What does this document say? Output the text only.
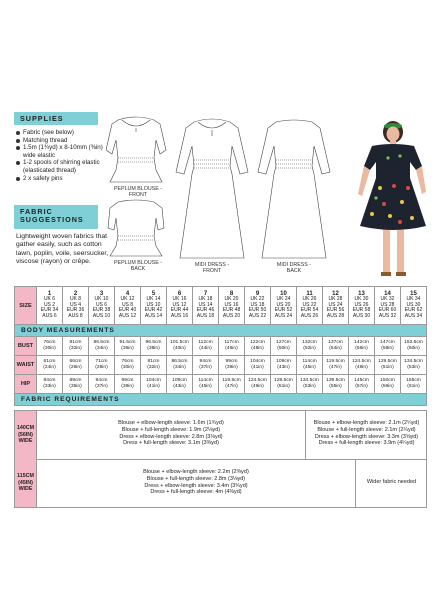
SUPPLIES
Fabric (see below)
Matching thread
1.5m (1¾yd) x 8-10mm (⅜in) wide elastic
1-2 spools of shirring elastic (elasticated thread)
2 x safety pins
FABRIC SUGGESTIONS
Lightweight woven fabrics that gather easily, such as cotton lawn, poplin, voile, seersucker, viscose (rayon) or crêpe.
PEPLUM BLOUSE - FRONT
PEPLUM BLOUSE - BACK
MIDI DRESS - FRONT
MIDI DRESS - BACK
SIZE	1
UK 6
US 2
EUR 34
AUS 6	2
UK 8
US 4
EUR 36
AUS 8	3
UK 10
US 6
EUR 38
AUS 10	4
UK 12
US 8
EUR 40
AUS 12	5
UK 14
US 10
EUR 42
AUS 14	6
UK 16
US 12
EUR 44
AUS 16	7
UK 18
US 14
EUR 46
AUS 18	8
UK 20
US 16
EUR 48
AUS 20	9
UK 22
US 18
EUR 50
AUS 22	10
UK 24
US 20
EUR 52
AUS 24	11
UK 26
US 22
EUR 54
AUS 26	12
UK 28
US 24
EUR 56
AUS 28	13
UK 30
US 26
EUR 58
AUS 30	14
UK 32
US 28
EUR 60
AUS 32	15
UK 34
US 30
EUR 62
AUS 34
BODY MEASUREMENTS															
BUST	76cm
(30in)	81cm
(32in)	86.5cm
(34in)	91.5cm
(36in)	96.5cm
(38in)	101.5cm
(40in)	112cm
(44in)	117cm
(46in)	122cm
(48in)	127cm
(50in)	132cm
(52in)	137cm
(54in)	142cm
(56in)	147cm
(58in)	152.5cm
(60in)
WAIST	61cm
(24in)	66cm
(26in)	71cm
(28in)	76cm
(30in)	81cm
(32in)	86.5cm
(34in)	94cm
(37in)	99cm
(39in)	104cm
(41in)	109cm
(43in)	114cm
(45in)	119.5cm
(47in)	124.5cm
(49in)	129.5cm
(51in)	134.5cm
(53in)
HIP	84cm
(33in)	89cm
(35in)	94cm
(37in)	99cm
(39in)	104cm
(41in)	109cm
(43in)	114cm
(45in)	119.5cm
(47in)	124.5cm
(49in)	129.5cm
(51in)	134.5cm
(53in)	139.5cm
(55in)	145cm
(57in)	150cm
(59in)	155cm
(61in)
FABRIC REQUIREMENTS															
140CM
(56IN)
WIDE
Blouse + elbow-length sleeve: 1.6m (1¾yd)
Blouse + full-length sleeve: 1.9m (2⅛yd)
Dress + elbow-length sleeve: 2.8m (3⅛yd)
Dress + full-length sleeve: 3.1m (3⅜yd)
Blouse + elbow-length sleeve: 2.1m (2¼yd)
Blouse + full-length sleeve: 2.1m (2¼yd)
Dress + elbow-length sleeve: 3.3m (3⅝yd)
Dress + full-length sleeve: 3.9m (4¼yd)
115CM
(45IN)
WIDE
Blouse + elbow-length sleeve: 2.2m (2⅜yd)
Blouse + full-length sleeve: 2.8m (3⅛yd)
Dress + elbow-length sleeve: 3.4m (3¾yd)
Dress + full-length sleeve: 4m (4⅜yd)
Wider fabric needed
